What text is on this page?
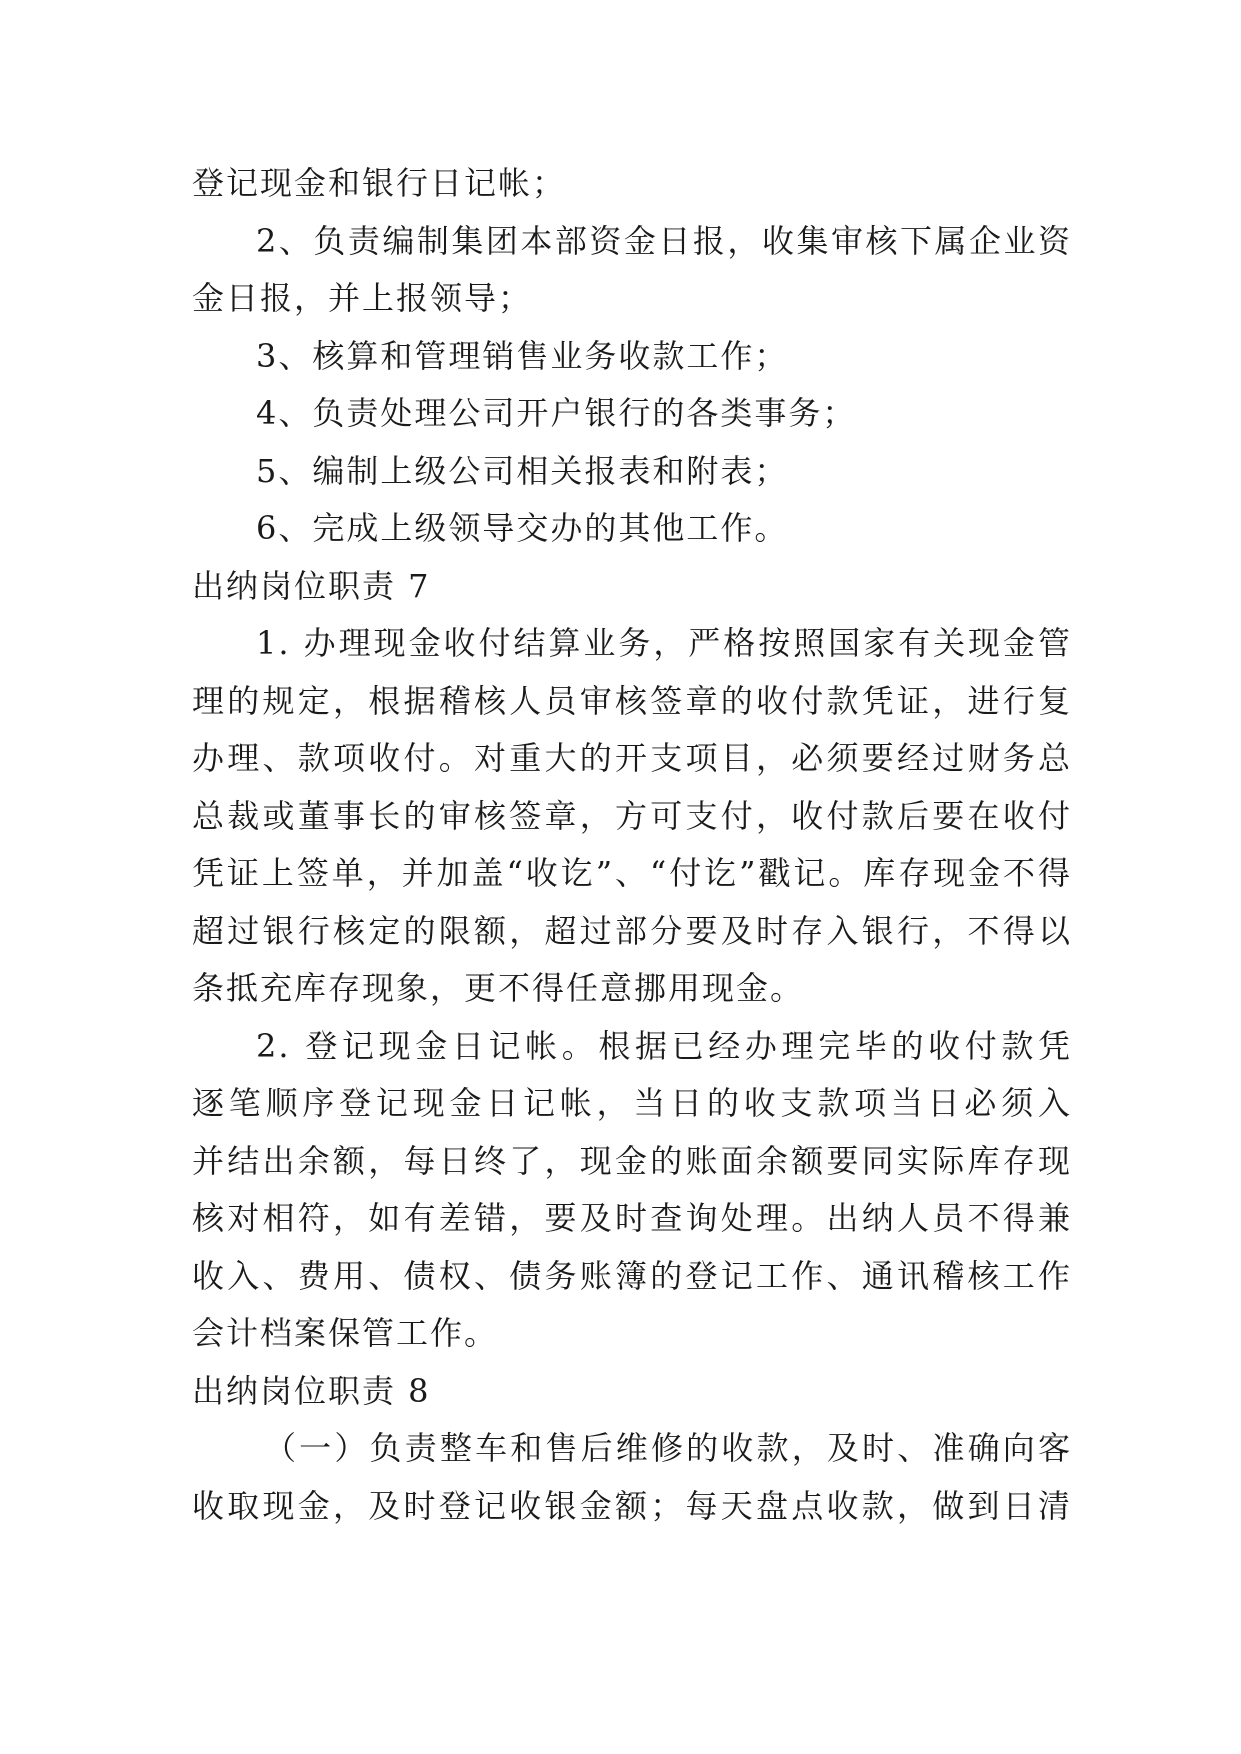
登记现金和银行日记帐；
2、负责编制集团本部资金日报，收集审核下属企业资
金日报，并上报领导；
3、核算和管理销售业务收款工作；
4、负责处理公司开户银行的各类事务；
5、编制上级公司相关报表和附表；
6、完成上级领导交办的其他工作。
出纳岗位职责 7
1. 办理现金收付结算业务，严格按照国家有关现金管
理的规定，根据稽核人员审核签章的收付款凭证，进行复
办理、款项收付。对重大的开支项目，必须要经过财务总
总裁或董事长的审核签章，方可支付，收付款后要在收付
凭证上签单，并加盖“收讫”、“付讫”戳记。库存现金不得
超过银行核定的限额，超过部分要及时存入银行，不得以
条抵充库存现象，更不得任意挪用现金。
2. 登记现金日记帐。根据已经办理完毕的收付款凭
逐笔顺序登记现金日记帐，当日的收支款项当日必须入
并结出余额，每日终了，现金的账面余额要同实际库存现
核对相符，如有差错，要及时查询处理。出纳人员不得兼
收入、费用、债权、债务账簿的登记工作、通讯稽核工作
会计档案保管工作。
出纳岗位职责 8
（一）负责整车和售后维修的收款，及时、准确向客
收取现金，及时登记收银金额；每天盘点收款，做到日清
